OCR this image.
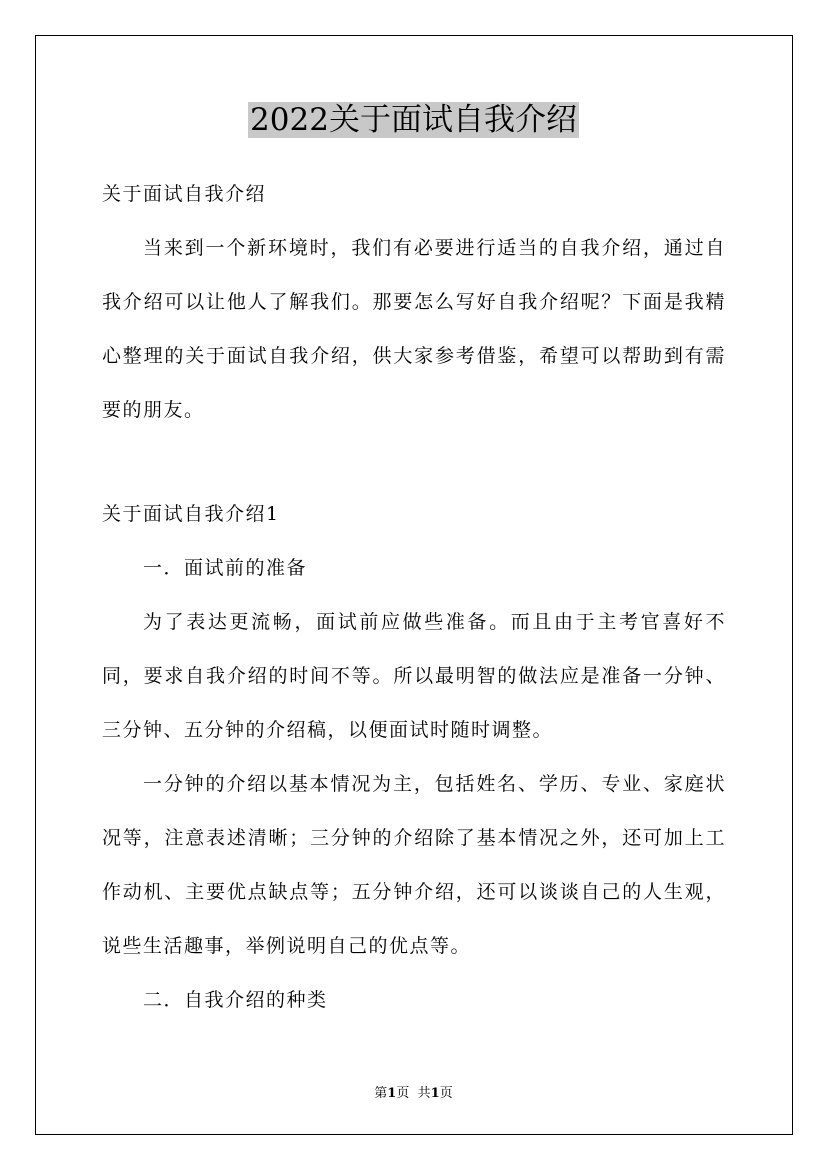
2022关于面试自我介绍

关于面试自我介绍

当来到一个新环境时，我们有必要进行适当的自我介绍，通过自我介绍可以让他人了解我们。那要怎么写好自我介绍呢？下面是我精心整理的关于面试自我介绍，供大家参考借鉴，希望可以帮助到有需要的朋友。

关于面试自我介绍1

一．面试前的准备

为了表达更流畅，面试前应做些准备。而且由于主考官喜好不同，要求自我介绍的时间不等。所以最明智的做法应是准备一分钟、三分钟、五分钟的介绍稿，以便面试时随时调整。

一分钟的介绍以基本情况为主，包括姓名、学历、专业、家庭状况等，注意表述清晰；三分钟的介绍除了基本情况之外，还可加上工作动机、主要优点缺点等；五分钟介绍，还可以谈谈自己的人生观，说些生活趣事，举例说明自己的优点等。

二．自我介绍的种类

第1页 共1页
